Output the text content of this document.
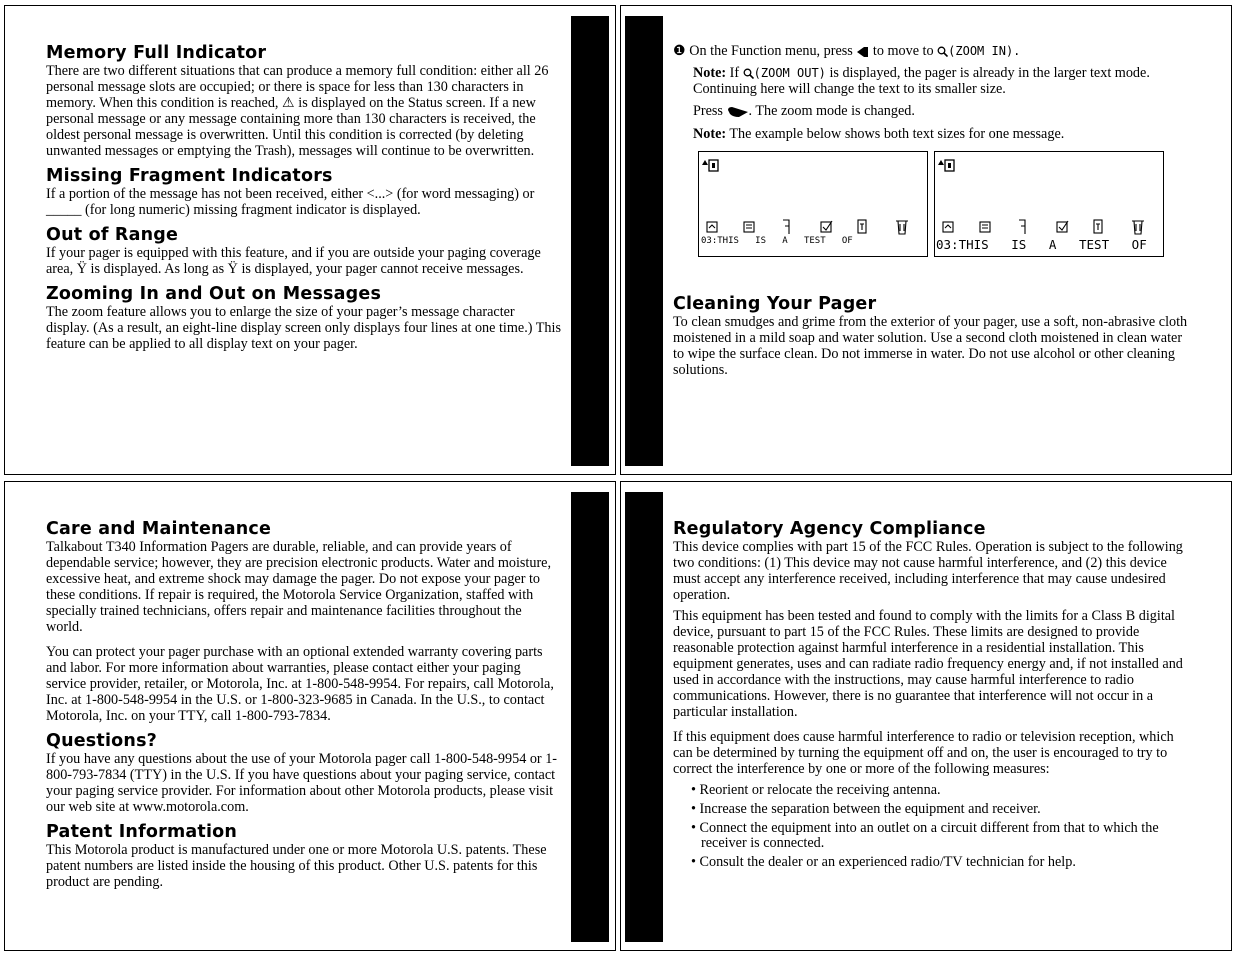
Memory Full Indicator

There are two different situations that can produce a memory full condition: either all 26 personal message slots are occupied; or there is space for less than 130 characters in memory. When this condition is reached, ⚠ is displayed on the Status screen. If a new personal message or any message containing more than 130 characters is received, the oldest personal message is overwritten. Until this condition is corrected (by deleting unwanted messages or emptying the Trash), messages will continue to be overwritten.

Missing Fragment Indicators

If a portion of the message has not been received, either <...> (for word messaging) or _____ (for long numeric) missing fragment indicator is displayed.

Out of Range

If your pager is equipped with this feature, and if you are outside your paging coverage area, Ÿ is displayed. As long as Ÿ is displayed, your pager cannot receive messages.

Zooming In and Out on Messages

The zoom feature allows you to enlarge the size of your pager’s message character display. (As a result, an eight-line display screen only displays four lines at one time.) This feature can be applied to all display text on your pager.

❶ On the Function menu, press to move to (ZOOM IN).

Note: If (ZOOM OUT) is displayed, the pager is already in the larger text mode. Continuing here will change the text to its smaller size.

Press . The zoom mode is changed.

Note: The example below shows both text sizes for one message.

03:THIS   IS   A   TEST   OF	03:THIS   IS   A   TEST   OF
Cleaning Your Pager

To clean smudges and grime from the exterior of your pager, use a soft, non-abrasive cloth moistened in a mild soap and water solution. Use a second cloth moistened in clean water to wipe the surface clean. Do not immerse in water. Do not use alcohol or other cleaning solutions.

Care and Maintenance

Talkabout T340 Information Pagers are durable, reliable, and can provide years of dependable service; however, they are precision electronic products. Water and moisture, excessive heat, and extreme shock may damage the pager. Do not expose your pager to these conditions. If repair is required, the Motorola Service Organization, staffed with specially trained technicians, offers repair and maintenance facilities throughout the world.

You can protect your pager purchase with an optional extended warranty covering parts and labor. For more information about warranties, please contact either your paging service provider, retailer, or Motorola, Inc. at 1-800-548-9954. For repairs, call Motorola, Inc. at 1-800-548-9954 in the U.S. or 1-800-323-9685 in Canada. In the U.S., to contact Motorola, Inc. on your TTY, call 1-800-793-7834.

Questions?

If you have any questions about the use of your Motorola pager call 1-800-548-9954 or 1-800-793-7834 (TTY) in the U.S. If you have questions about your paging service, contact your paging service provider. For information about other Motorola products, please visit our web site at www.motorola.com.

Patent Information

This Motorola product is manufactured under one or more Motorola U.S. patents. These patent numbers are listed inside the housing of this product. Other U.S. patents for this product are pending.

Regulatory Agency Compliance

This device complies with part 15 of the FCC Rules. Operation is subject to the following two conditions: (1) This device may not cause harmful interference, and (2) this device must accept any interference received, including interference that may cause undesired operation.

This equipment has been tested and found to comply with the limits for a Class B digital device, pursuant to part 15 of the FCC Rules. These limits are designed to provide reasonable protection against harmful interference in a residential installation. This equipment generates, uses and can radiate radio frequency energy and, if not installed and used in accordance with the instructions, may cause harmful interference to radio communications. However, there is no guarantee that interference will not occur in a particular installation.

If this equipment does cause harmful interference to radio or television reception, which can be determined by turning the equipment off and on, the user is encouraged to try to correct the interference by one or more of the following measures:

• Reorient or relocate the receiving antenna.
• Increase the separation between the equipment and receiver.
• Connect the equipment into an outlet on a circuit different from that to which the receiver is connected.
• Consult the dealer or an experienced radio/TV technician for help.
